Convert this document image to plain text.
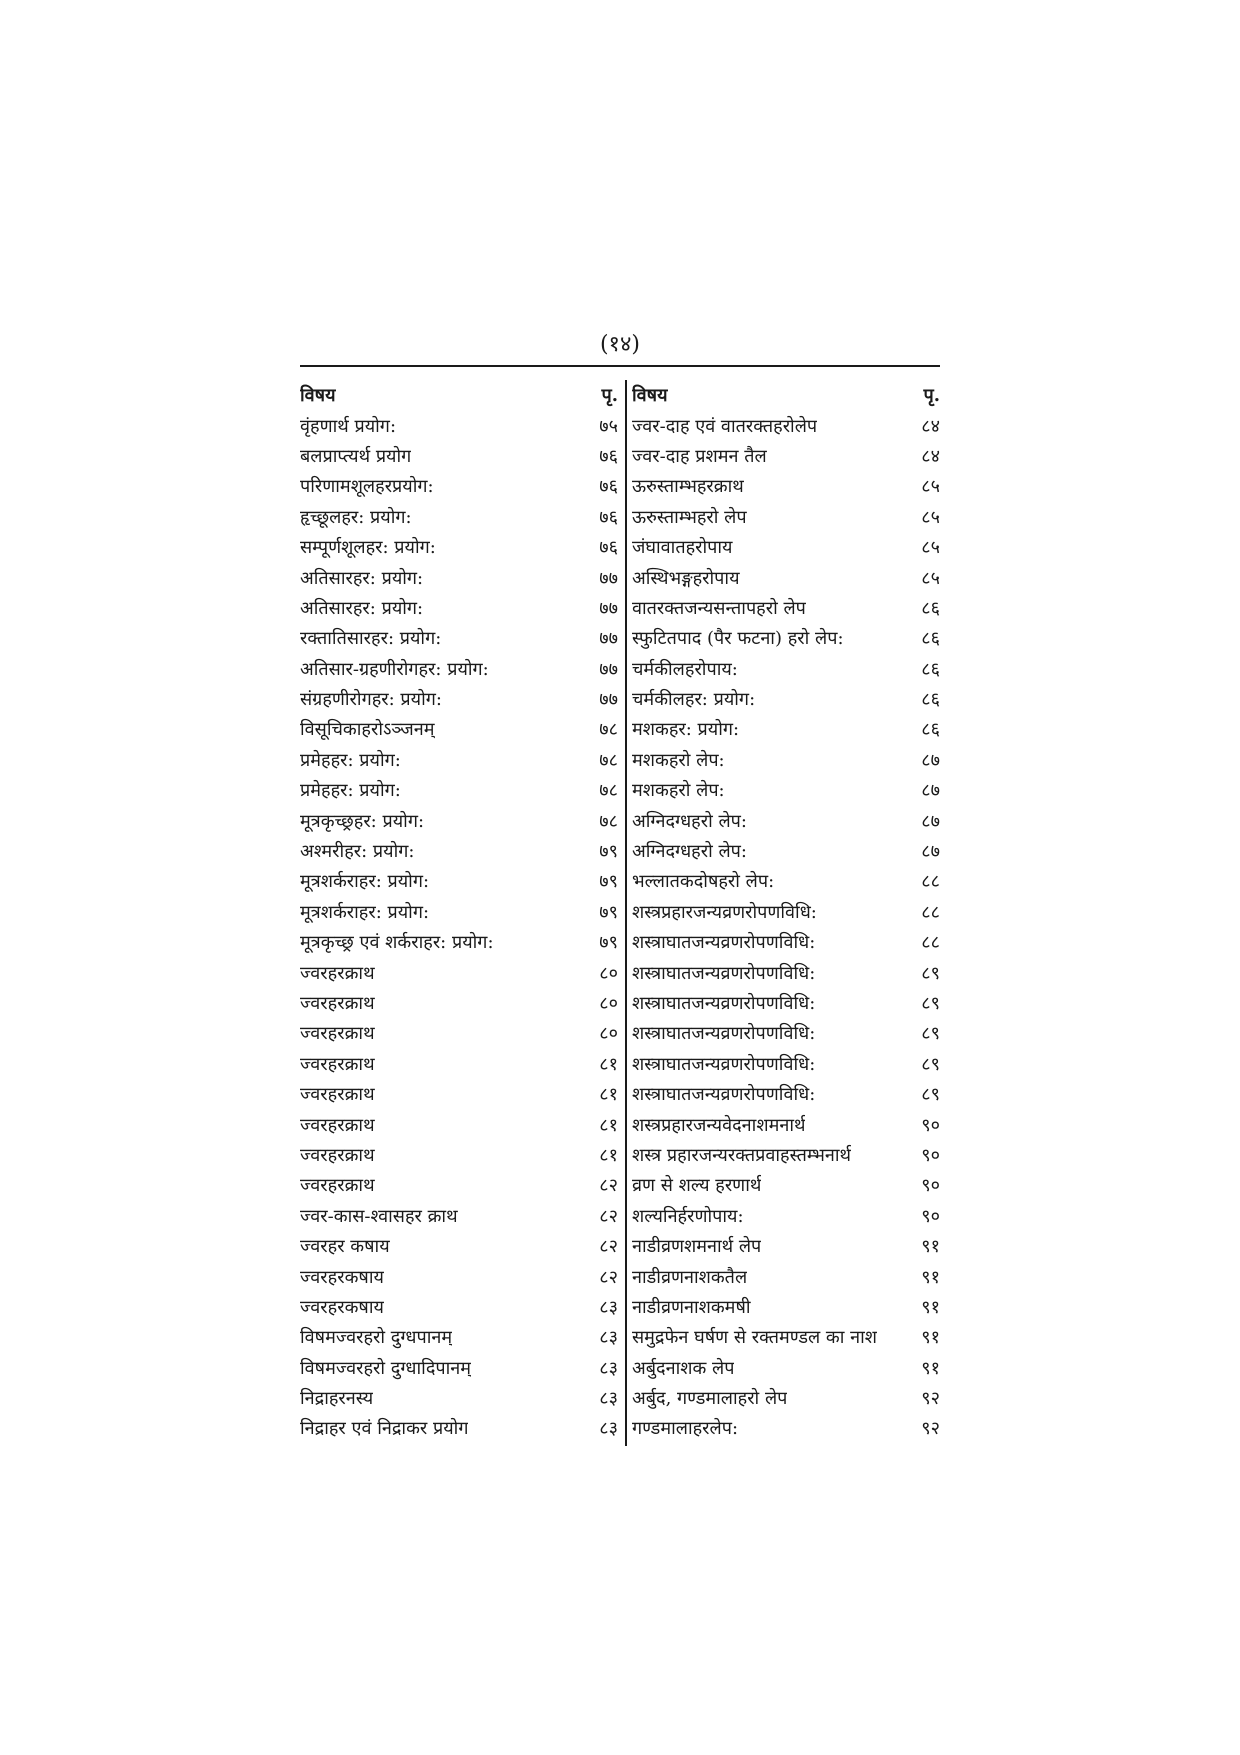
(१४)
विषय	पृ.
वृंहणार्थ प्रयोग:	७५
बलप्राप्त्यर्थ प्रयोग	७६
परिणामशूलहरप्रयोग:	७६
हृच्छूलहर: प्रयोग:	७६
सम्पूर्णशूलहर: प्रयोग:	७६
अतिसारहर: प्रयोग:	७७
अतिसारहर: प्रयोग:	७७
रक्तातिसारहर: प्रयोग:	७७
अतिसार-ग्रहणीरोगहर: प्रयोग:	७७
संग्रहणीरोगहर: प्रयोग:	७७
विसूचिकाहरोऽञ्जनम्	७८
प्रमेहहर: प्रयोग:	७८
प्रमेहहर: प्रयोग:	७८
मूत्रकृच्छ्रहर: प्रयोग:	७८
अश्मरीहर: प्रयोग:	७९
मूत्रशर्कराहर: प्रयोग:	७९
मूत्रशर्कराहर: प्रयोग:	७९
मूत्रकृच्छ्र एवं शर्कराहर: प्रयोग:	७९
ज्वरहरक्राथ	८०
ज्वरहरक्राथ	८०
ज्वरहरक्राथ	८०
ज्वरहरक्राथ	८१
ज्वरहरक्राथ	८१
ज्वरहरक्राथ	८१
ज्वरहरक्राथ	८१
ज्वरहरक्राथ	८२
ज्वर-कास-श्वासहर क्राथ	८२
ज्वरहर कषाय	८२
ज्वरहरकषाय	८२
ज्वरहरकषाय	८३
विषमज्वरहरो दुग्धपानम्	८३
विषमज्वरहरो दुग्धादिपानम्	८३
निद्राहरनस्य	८३
निद्राहर एवं निद्राकर प्रयोग	८३
विषय	पृ.
ज्वर-दाह एवं वातरक्तहरोलेप	८४
ज्वर-दाह प्रशमन तैल	८४
ऊरुस्ताम्भहरक्राथ	८५
ऊरुस्ताम्भहरो लेप	८५
जंघावातहरोपाय	८५
अस्थिभङ्गहरोपाय	८५
वातरक्तजन्यसन्तापहरो लेप	८६
स्फुटितपाद (पैर फटना) हरो लेप:	८६
चर्मकीलहरोपाय:	८६
चर्मकीलहर: प्रयोग:	८६
मशकहर: प्रयोग:	८६
मशकहरो लेप:	८७
मशकहरो लेप:	८७
अग्निदग्धहरो लेप:	८७
अग्निदग्धहरो लेप:	८७
भल्लातकदोषहरो लेप:	८८
शस्त्रप्रहारजन्यव्रणरोपणविधि:	८८
शस्त्राघातजन्यव्रणरोपणविधि:	८८
शस्त्राघातजन्यव्रणरोपणविधि:	८९
शस्त्राघातजन्यव्रणरोपणविधि:	८९
शस्त्राघातजन्यव्रणरोपणविधि:	८९
शस्त्राघातजन्यव्रणरोपणविधि:	८९
शस्त्राघातजन्यव्रणरोपणविधि:	८९
शस्त्रप्रहारजन्यवेदनाशमनार्थ	९०
शस्त्र प्रहारजन्यरक्तप्रवाहस्तम्भनार्थ	९०
व्रण से शल्य हरणार्थ	९०
शल्यनिर्हरणोपाय:	९०
नाडीव्रणशमनार्थ लेप	९१
नाडीव्रणनाशकतैल	९१
नाडीव्रणनाशकमषी	९१
समुद्रफेन घर्षण से रक्तमण्डल का नाश ९१
अर्बुदनाशक लेप	९१
अर्बुद, गण्डमालाहरो लेप	९२
गण्डमालाहरलेप:	९२
